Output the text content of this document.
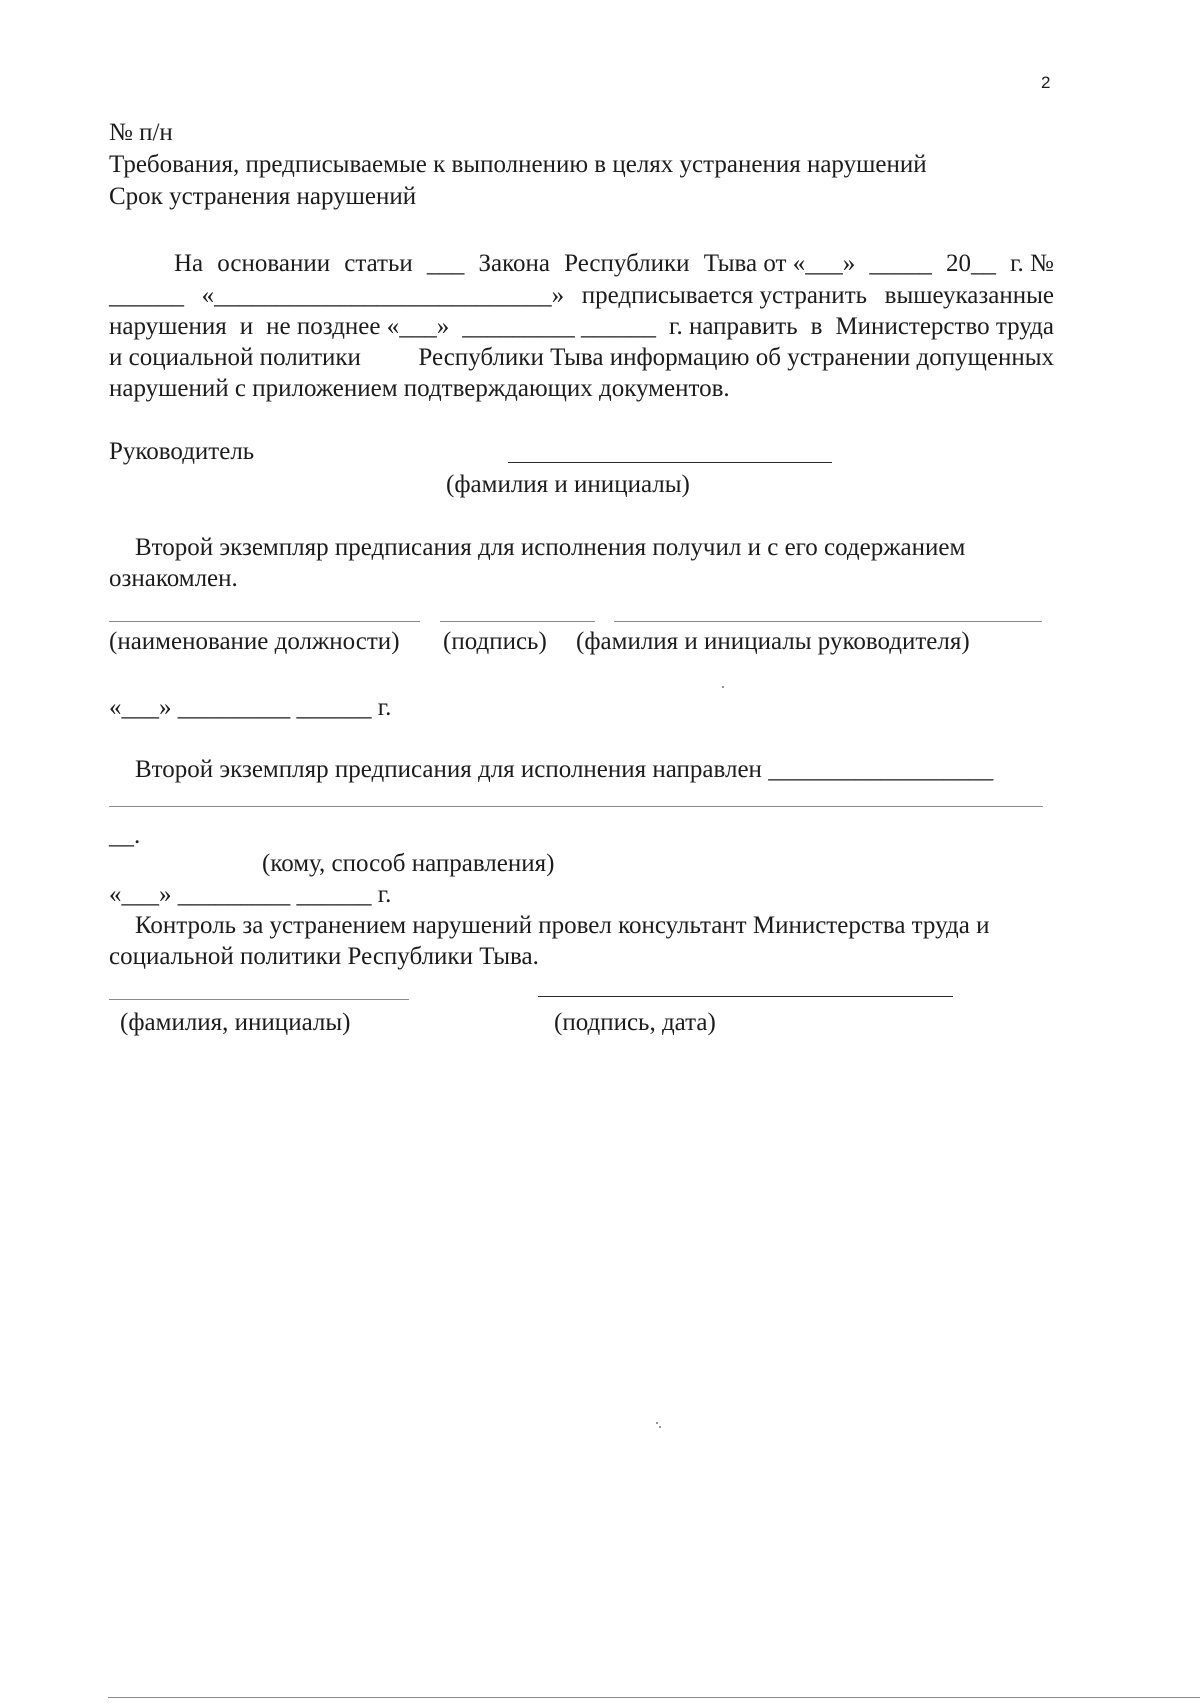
2
№ п/н
Требования, предписываемые к выполнению в целях устранения нарушений
Срок устранения нарушений
На основании статьи ___ Закона Республики Тыва от «___» _____ 20__ г. №
______ «___________________________» предписывается устранить вышеуказанные
нарушения и не позднее «___» _________ ______ г. направить в Министерство труда
и социальной политики Республики Тыва информацию об устранении допущенных
нарушений с приложением подтверждающих документов.
Руководитель
(фамилия и инициалы)
Второй экземпляр предписания для исполнения получил и с его содержанием
ознакомлен.
(наименование должности) (подпись) (фамилия и инициалы руководителя)
«___» _________ ______ г.
Второй экземпляр предписания для исполнения направлен __________________
__.
(кому, способ направления)
«___» _________ ______ г.
Контроль за устранением нарушений провел консультант Министерства труда и
социальной политики Республики Тыва.
(фамилия, инициалы)	(подпись, дата)
